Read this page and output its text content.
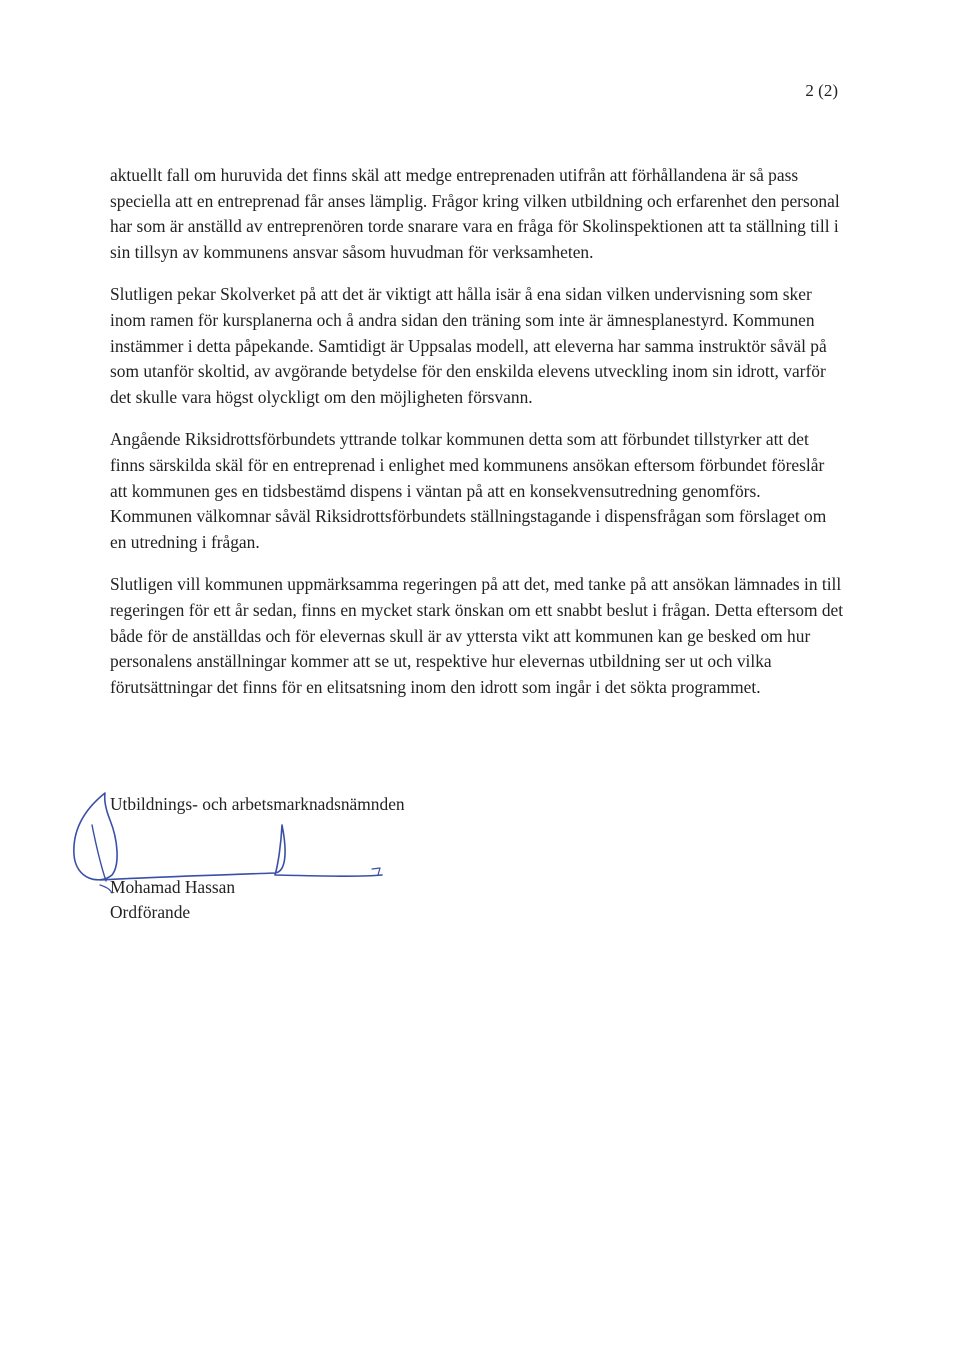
2 (2)

aktuellt fall om huruvida det finns skäl att medge entreprenaden utifrån att förhållandena är så pass speciella att en entreprenad får anses lämplig. Frågor kring vilken utbildning och erfarenhet den personal har som är anställd av entreprenören torde snarare vara en fråga för Skolinspektionen att ta ställning till i sin tillsyn av kommunens ansvar såsom huvudman för verksamheten.

Slutligen pekar Skolverket på att det är viktigt att hålla isär å ena sidan vilken undervisning som sker inom ramen för kursplanerna och å andra sidan den träning som inte är ämnesplanestyrd. Kommunen instämmer i detta påpekande. Samtidigt är Uppsalas modell, att eleverna har samma instruktör såväl på som utanför skoltid, av avgörande betydelse för den enskilda elevens utveckling inom sin idrott, varför det skulle vara högst olyckligt om den möjligheten försvann.

Angående Riksidrottsförbundets yttrande tolkar kommunen detta som att förbundet tillstyrker att det finns särskilda skäl för en entreprenad i enlighet med kommunens ansökan eftersom förbundet föreslår att kommunen ges en tidsbestämd dispens i väntan på att en konsekvensutredning genomförs. Kommunen välkomnar såväl Riksidrottsförbundets ställningstagande i dispensfrågan som förslaget om en utredning i frågan.

Slutligen vill kommunen uppmärksamma regeringen på att det, med tanke på att ansökan lämnades in till regeringen för ett år sedan, finns en mycket stark önskan om ett snabbt beslut i frågan. Detta eftersom det både för de anställdas och för elevernas skull är av yttersta vikt att kommunen kan ge besked om hur personalens anställningar kommer att se ut, respektive hur elevernas utbildning ser ut och vilka förutsättningar det finns för en elitsatsning inom den idrott som ingår i det sökta programmet.

Utbildnings- och arbetsmarknadsnämnden
Mohamad Hassan
Ordförande
